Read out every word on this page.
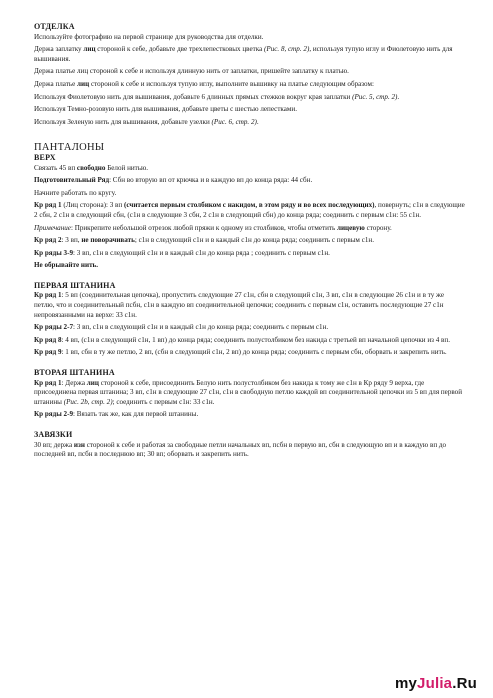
ОТДЕЛКА
Используйте фотографию на первой странице для руководства для отделки.
Держа заплатку лиц стороной к себе, добавьте две трехлепестковых цветка (Рис. 8, стр. 2), используя тупую иглу и Фиолетовую нить для вышивания.
Держа платье лиц стороной к себе и используя длинную нить от заплатки, пришейте заплатку к платью.
Держа платье лиц стороной к себе и используя тупую иглу, выполните вышивку на платье следующим образом:
Используя Фиолетовую нить для вышивания, добавьте 6 длинных прямых стежков вокруг края заплатки (Рис. 5, стр. 2).
Используя Темно-розовую нить для вышивания, добавьте цветы с шестью лепестками.
Используя Зеленую нить для вышивания, добавьте узелки (Рис. 6, стр. 2).
ПАНТАЛОНЫ
ВЕРХ
Связать 45 вп свободно Белой нитью.
Подготовительный Ряд: Сбн во вторую вп от крючка и в каждую вп до конца ряда: 44 сбн.
Начните работать по кругу.
Кр ряд 1 (Лиц сторона): 3 вп (считается первым столбиком с накидом, в этом ряду и во всех последующих), повернуть; с1н в следующие 2 сбн, 2 с1н в следующий сбн, (с1н в следующие 3 сбн, 2 с1н в следующий сбн) до конца ряда; соединить с первым с1н: 55 с1н.
Примечание: Прикрепите небольшой отрезок любой пряжи к одному из столбиков, чтобы отметить лицевую сторону.
Кр ряд 2: 3 вп, не поворачивать; с1н в следующий с1н и в каждый с1н до конца ряда; соединить с первым с1н.
Кр ряды 3-9: 3 вп, с1н в следующий с1н и в каждый с1н до конца ряда ; соединить с первым с1н.
Не обрывайте нить.
ПЕРВАЯ ШТАНИНА
Кр ряд 1: 5 вп (соединительная цепочка), пропустить следующие 27 с1н, сбн в следующий с1н, 3 вп, с1н в следующие 26 с1н и в ту же петлю, что и соединительный псбн, с1н в каждую вп соединительной цепочки; соединить с первым с1н, оставить последующие 27 с1н непровязанными на верхе: 33 с1н.
Кр ряды 2-7: 3 вп, с1н в следующий с1н и в каждый с1н до конца ряда; соединить с первым с1н.
Кр ряд 8: 4 вп, (с1н в следующий с1н, 1 вп) до конца ряда; соединить полустолбиком без накида с третьей вп начальной цепочки из 4 вп.
Кр ряд 9: 1 вп, сбн в ту же петлю, 2 вп, (сбн в следующий с1н, 2 вп) до конца ряда; соединить с первым сбн, оборвать и закрепить нить.
ВТОРАЯ ШТАНИНА
Кр ряд 1: Держа лиц стороной к себе, присоединить Белую нить полустолбиком без накида к тому же с1н в Кр ряду 9 верха, где присоединена первая штанина; 3 вп, с1н в следующие 27 с1н, с1н в свободную петлю каждой вп соединительной цепочки из 5 вп для первой штанины (Рис. 2b, стр. 2); соединить с первым с1н: 33 с1н.
Кр ряды 2-9: Вязать так же, как для первой штанины.
ЗАВЯЗКИ
30 вп; держа изн стороной к себе и работая за свободные петли начальных вп, псбн в первую вп, сбн в следующую вп и в каждую вп до последней вп, псбн в последнюю вп; 30 вп; оборвать и закрепить нить.
myJulia.Ru
